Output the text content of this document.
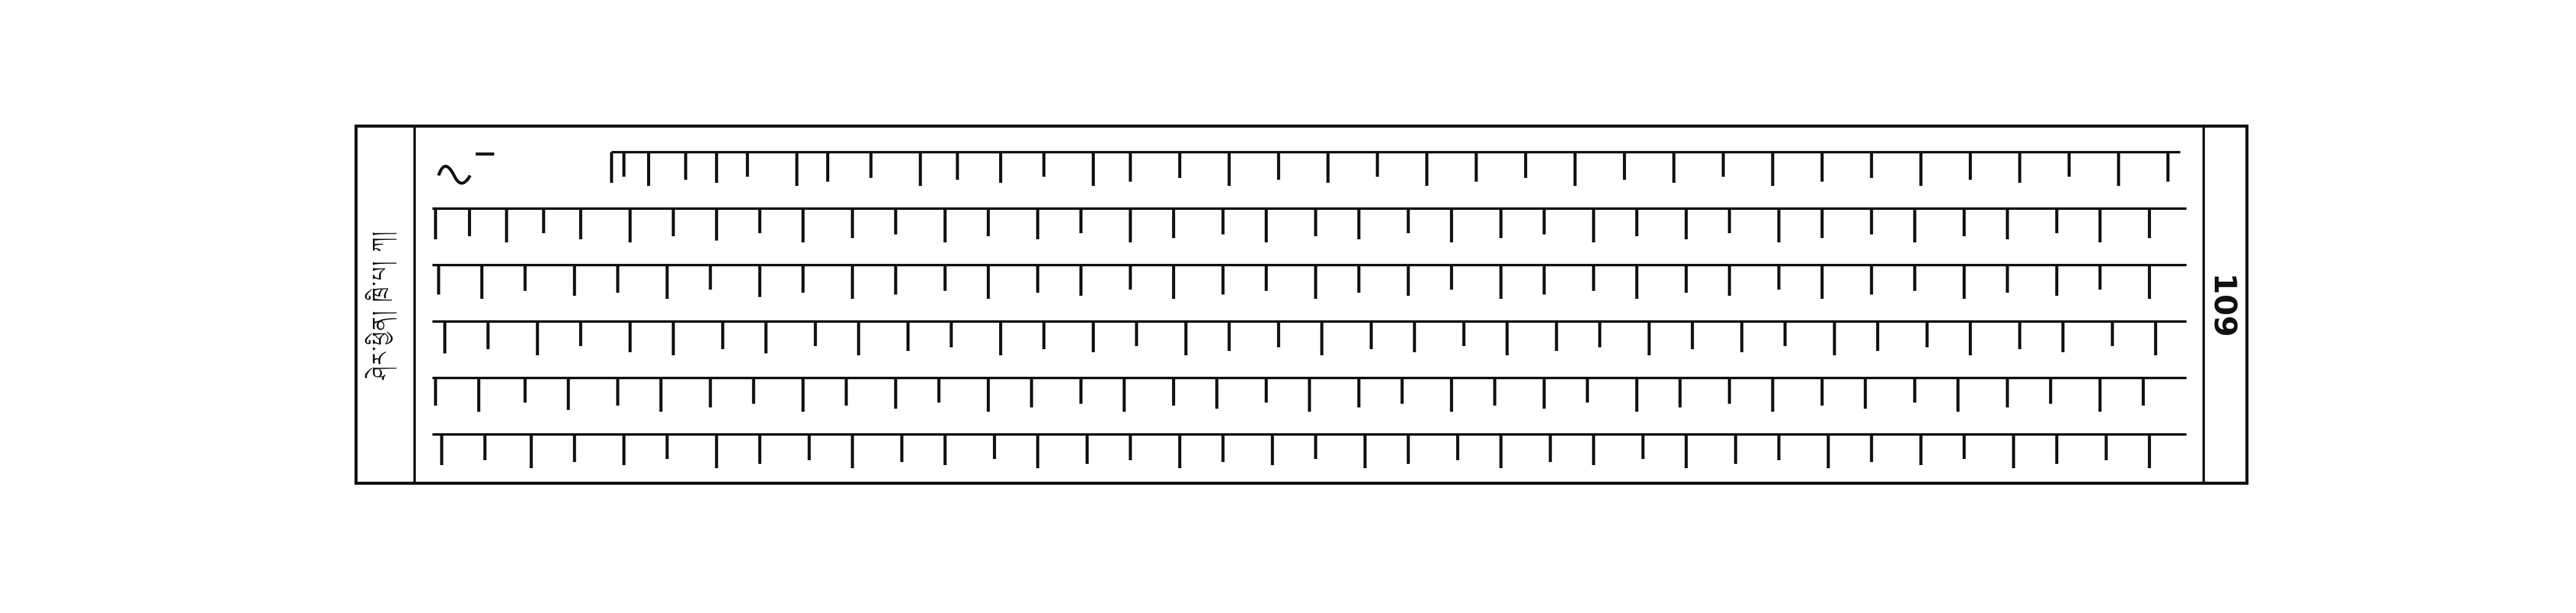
ཤེར་ཕྱིན། ཁྲི་པ། ཀ།	109
